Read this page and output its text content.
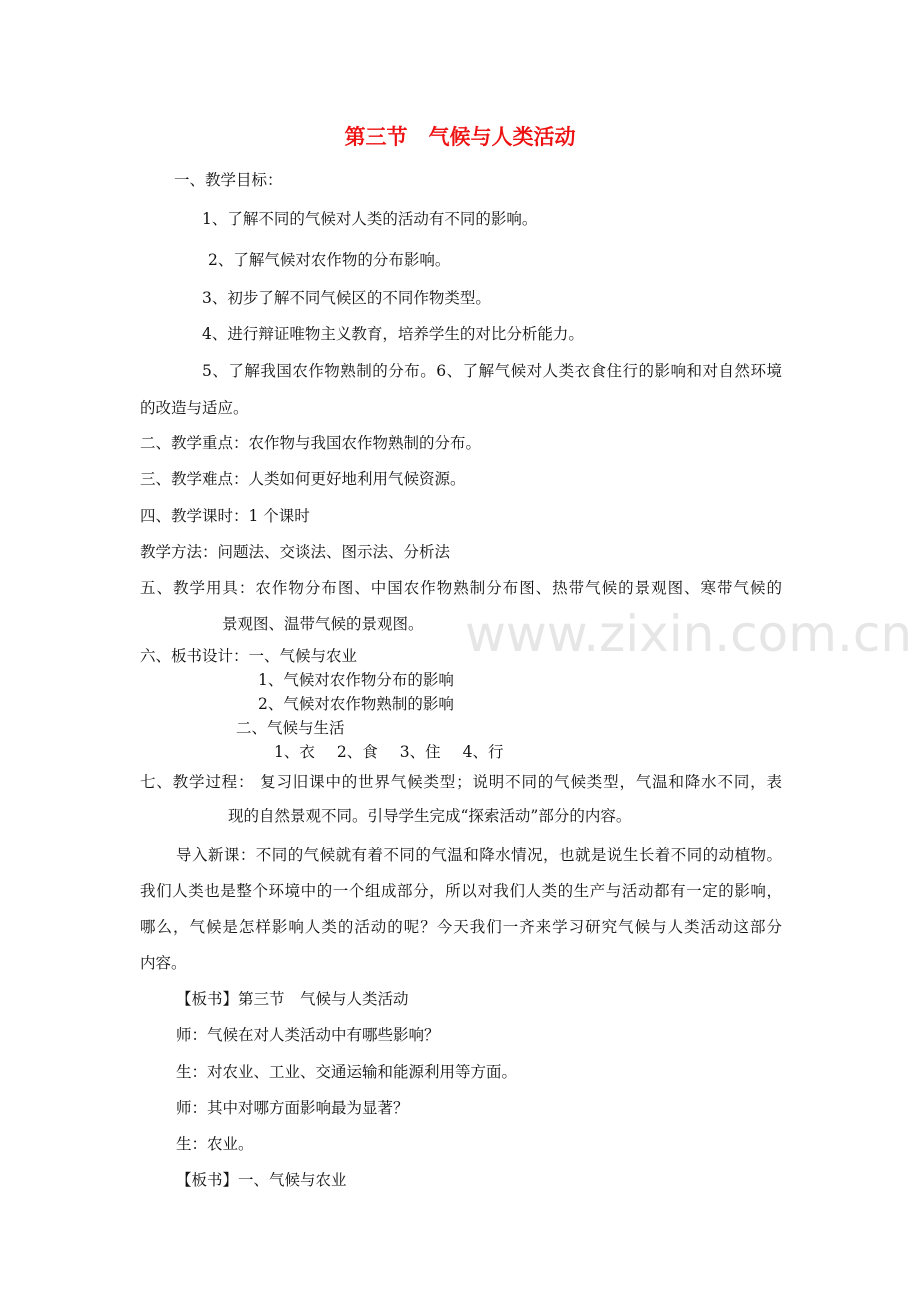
www.zixin.com.cn
第三节　气候与人类活动
一、教学目标：
1、了解不同的气候对人类的活动有不同的影响。
2、了解气候对农作物的分布影响。
3、初步了解不同气候区的不同作物类型。
4、进行辩证唯物主义教育，培养学生的对比分析能力。
5、了解我国农作物熟制的分布。6、了解气候对人类衣食住行的影响和对自然环境
的改造与适应。
二、教学重点：农作物与我国农作物熟制的分布。
三、教学难点：人类如何更好地利用气候资源。
四、教学课时：1 个课时
教学方法：问题法、交谈法、图示法、分析法
五、教学用具：农作物分布图、中国农作物熟制分布图、热带气候的景观图、寒带气候的
景观图、温带气候的景观图。
六、板书设计：一、气候与农业
1、气候对农作物分布的影响
2、气候对农作物熟制的影响
二、气候与生活
1、衣 2、食 3、住 4、行
七、教学过程： 复习旧课中的世界气候类型；说明不同的气候类型，气温和降水不同，表
现的自然景观不同。引导学生完成“探索活动”部分的内容。
导入新课：不同的气候就有着不同的气温和降水情况，也就是说生长着不同的动植物。
我们人类也是整个环境中的一个组成部分，所以对我们人类的生产与活动都有一定的影响，
哪么，气候是怎样影响人类的活动的呢？今天我们一齐来学习研究气候与人类活动这部分
内容。
【板书】第三节　气候与人类活动
师：气候在对人类活动中有哪些影响？
生：对农业、工业、交通运输和能源利用等方面。
师：其中对哪方面影响最为显著？
生：农业。
【板书】一、气候与农业
